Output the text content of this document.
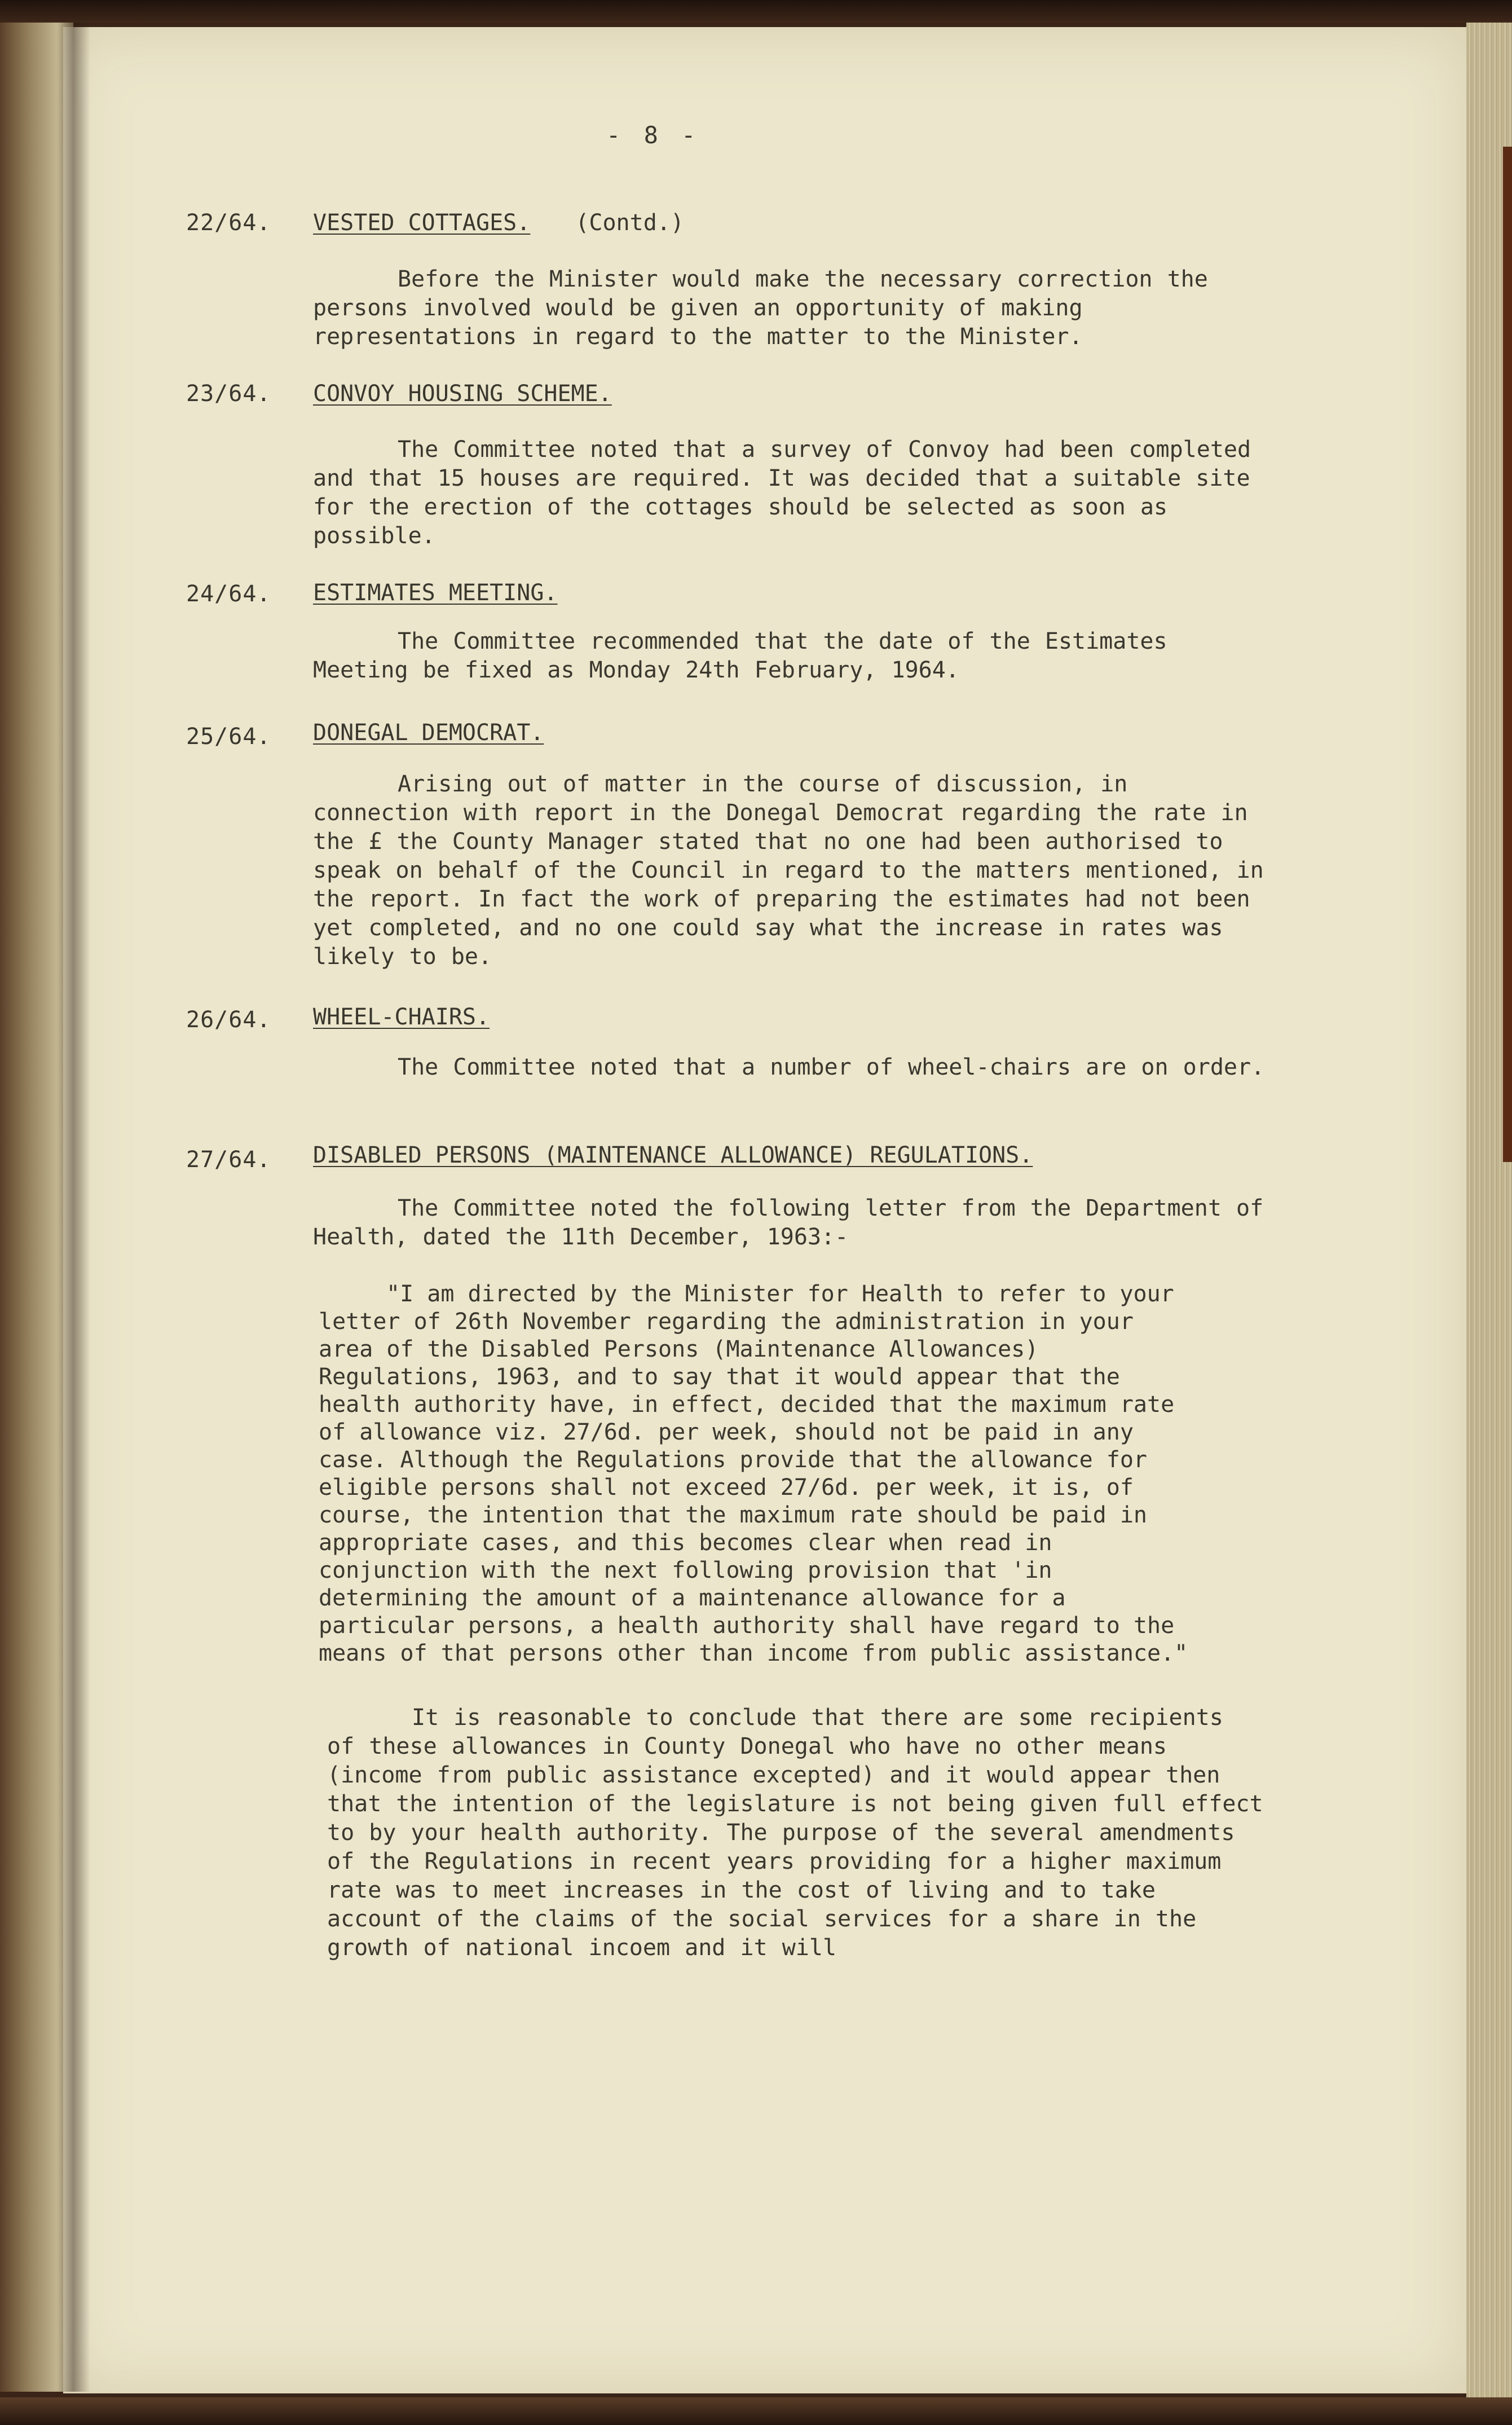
- 8 -
22/64. VESTED COTTAGES. (Contd.)
Before the Minister would make the necessary correction the persons involved would be given an opportunity of making representations in regard to the matter to the Minister.
23/64. CONVOY HOUSING SCHEME.
The Committee noted that a survey of Convoy had been completed and that 15 houses are required. It was decided that a suitable site for the erection of the cottages should be selected as soon as possible.
24/64. ESTIMATES MEETING.
The Committee recommended that the date of the Estimates Meeting be fixed as Monday 24th February, 1964.
25/64. DONEGAL DEMOCRAT.
Arising out of matter in the course of discussion, in connection with report in the Donegal Democrat regarding the rate in the £ the County Manager stated that no one had been authorised to speak on behalf of the Council in regard to the matters mentioned, in the report. In fact the work of preparing the estimates had not been yet completed, and no one could say what the increase in rates was likely to be.
26/64. WHEEL-CHAIRS.
The Committee noted that a number of wheel-chairs are on order.
27/64. DISABLED PERSONS (MAINTENANCE ALLOWANCE) REGULATIONS.
The Committee noted the following letter from the Department of Health, dated the 11th December, 1963:-
"I am directed by the Minister for Health to refer to your letter of 26th November regarding the administration in your area of the Disabled Persons (Maintenance Allowances) Regulations, 1963, and to say that it would appear that the health authority have, in effect, decided that the maximum rate of allowance viz. 27/6d. per week, should not be paid in any case. Although the Regulations provide that the allowance for eligible persons shall not exceed 27/6d. per week, it is, of course, the intention that the maximum rate should be paid in appropriate cases, and this becomes clear when read in conjunction with the next following provision that 'in determining the amount of a maintenance allowance for a particular persons, a health authority shall have regard to the means of that persons other than income from public assistance."
It is reasonable to conclude that there are some recipients of these allowances in County Donegal who have no other means (income from public assistance excepted) and it would appear then that the intention of the legislature is not being given full effect to by your health authority. The purpose of the several amendments of the Regulations in recent years providing for a higher maximum rate was to meet increases in the cost of living and to take account of the claims of the social services for a share in the growth of national incoem and it will
